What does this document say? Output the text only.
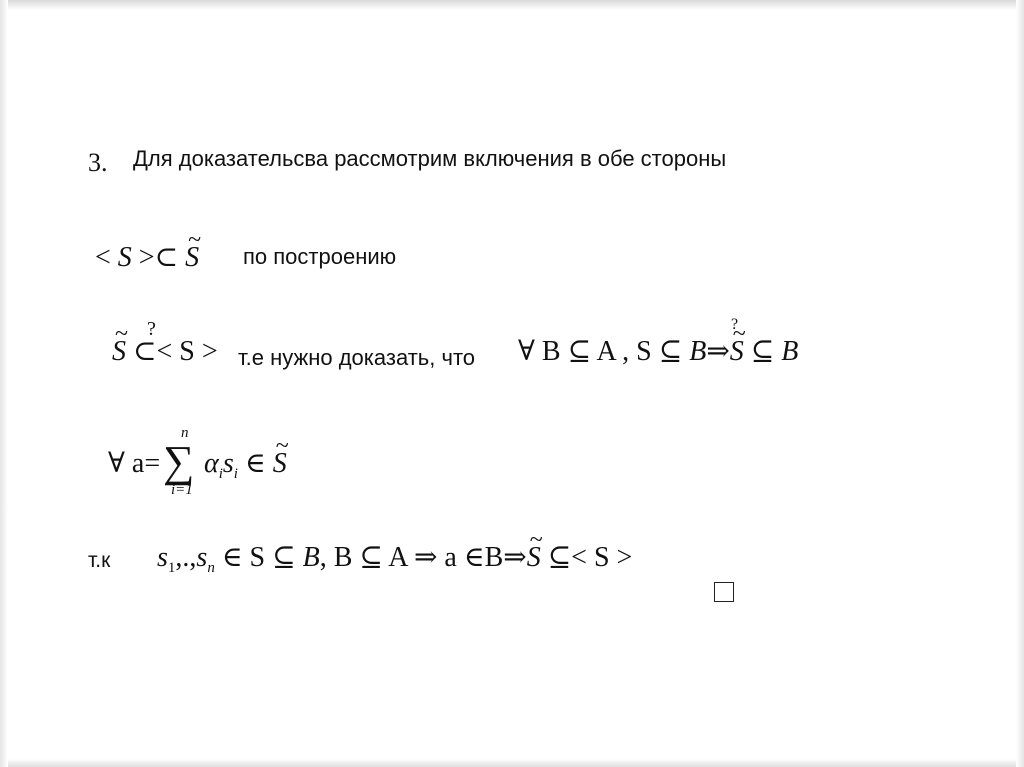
3. Для доказательсва рассмотрим включения в обе стороны
< S >⊂ ~ S по построению
~ S ⊂< S >
?
т.е нужно доказать, что ∀ B ⊆ A , S ⊆ B⇒~ S ⊆ B
?
∀ a=
n
∑
i=1
$\alpha_is_i$ ∈ ~ S
т.к $s_1,.,s_n$ ∈ S ⊆ B, B ⊆ A ⇒ a ∈B⇒~ S ⊆< S >
